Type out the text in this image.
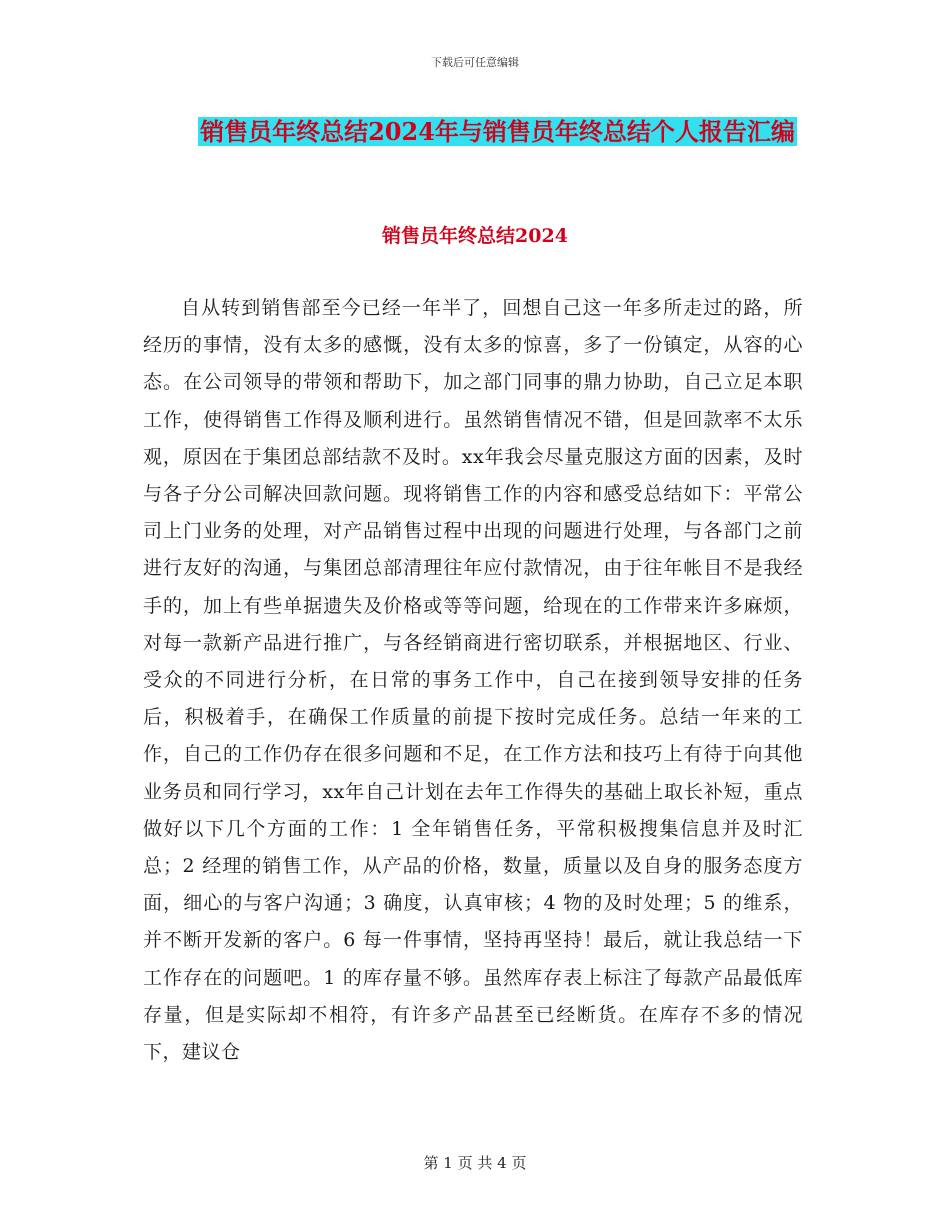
下载后可任意编辑
销售员年终总结2024年与销售员年终总结个人报告汇编
销售员年终总结2024

自从转到销售部至今已经一年半了，回想自己这一年多所走过的路，所经历的事情，没有太多的感慨，没有太多的惊喜，多了一份镇定，从容的心态。在公司领导的带领和帮助下，加之部门同事的鼎力协助，自己立足本职工作，使得销售工作得及顺利进行。虽然销售情况不错，但是回款率不太乐观，原因在于集团总部结款不及时。xx年我会尽量克服这方面的因素，及时与各子分公司解决回款问题。现将销售工作的内容和感受总结如下：平常公司上门业务的处理，对产品销售过程中出现的问题进行处理，与各部门之前进行友好的沟通，与集团总部清理往年应付款情况，由于往年帐目不是我经手的，加上有些单据遗失及价格或等等问题，给现在的工作带来许多麻烦，对每一款新产品进行推广，与各经销商进行密切联系，并根据地区、行业、受众的不同进行分析，在日常的事务工作中，自己在接到领导安排的任务后，积极着手，在确保工作质量的前提下按时完成任务。总结一年来的工作，自己的工作仍存在很多问题和不足，在工作方法和技巧上有待于向其他业务员和同行学习，xx年自己计划在去年工作得失的基础上取长补短，重点做好以下几个方面的工作：1 全年销售任务，平常积极搜集信息并及时汇总；2 经理的销售工作，从产品的价格，数量，质量以及自身的服务态度方面，细心的与客户沟通；3 确度，认真审核；4 物的及时处理；5 的维系，并不断开发新的客户。6 每一件事情，坚持再坚持！最后，就让我总结一下工作存在的问题吧。1 的库存量不够。虽然库存表上标注了每款产品最低库存量，但是实际却不相符，有许多产品甚至已经断货。在库存不多的情况下，建议仓

第 1 页 共 4 页
